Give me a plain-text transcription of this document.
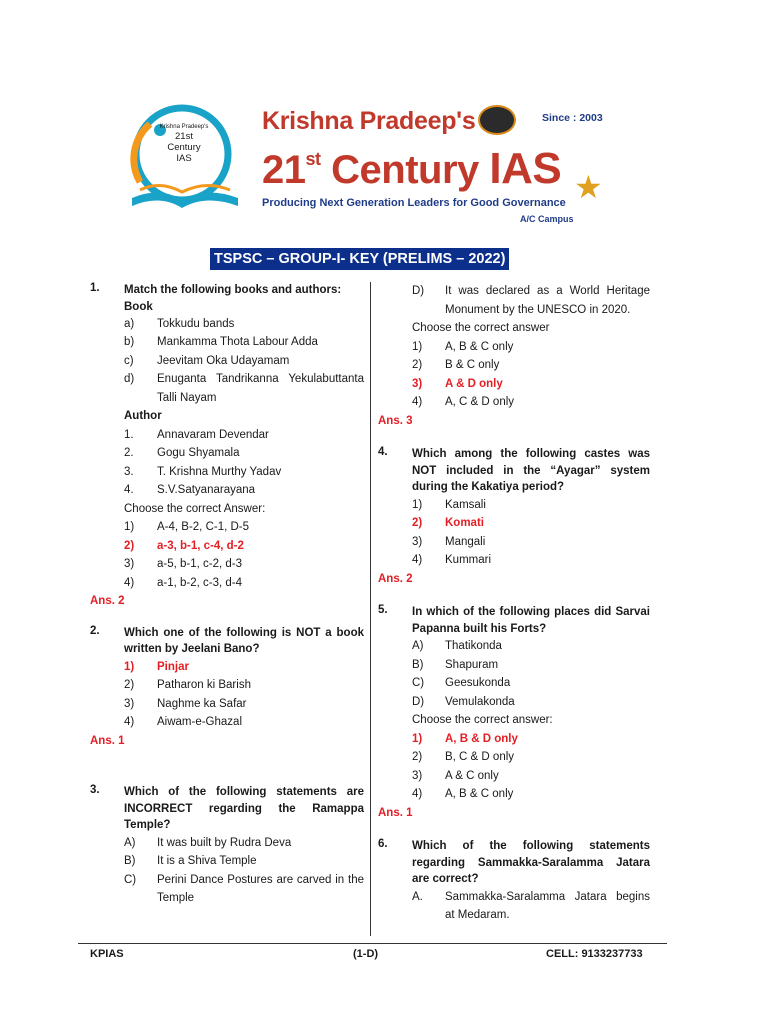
Krishna Pradeep's
21st
Century
IAS
Krishna Pradeep's	Since : 2003
21st Century IAS ★
Producing Next Generation Leaders for Good Governance
A/C Campus
TSPSC – GROUP-I- KEY (PRELIMS – 2022)
1. Match the following books and authors:
Book
a) Tokkudu bands
b) Mankamma Thota Labour Adda
c) Jeevitam Oka Udayamam
d) Enuganta Tandrikanna Yekulabuttanta Talli Nayam
Author
1. Annavaram Devendar
2. Gogu Shyamala
3. T. Krishna Murthy Yadav
4. S.V.Satyanarayana
Choose the correct Answer:
1) A-4, B-2, C-1, D-5
2) a-3, b-1, c-4, d-2
3) a-5, b-1, c-2, d-3
4) a-1, b-2, c-3, d-4
Ans. 2
2. Which one of the following is NOT a book written by Jeelani Bano?
1) Pinjar
2) Patharon ki Barish
3) Naghme ka Safar
4) Aiwam-e-Ghazal
Ans. 1
3. Which of the following statements are INCORRECT regarding the Ramappa Temple?
A) It was built by Rudra Deva
B) It is a Shiva Temple
C) Perini Dance Postures are carved in the Temple
D) It was declared as a World Heritage Monument by the UNESCO in 2020.
Choose the correct answer
1) A, B & C only
2) B & C only
3) A & D only
4) A, C & D only
Ans. 3
4. Which among the following castes was NOT included in the “Ayagar” system during the Kakatiya period?
1) Kamsali
2) Komati
3) Mangali
4) Kummari
Ans. 2
5. In which of the following places did Sarvai Papanna built his Forts?
A) Thatikonda
B) Shapuram
C) Geesukonda
D) Vemulakonda
Choose the correct answer:
1) A, B & D only
2) B, C & D only
3) A & C only
4) A, B & C only
Ans. 1
6. Which of the following statements regarding Sammakka-Saralamma Jatara are correct?
A. Sammakka-Saralamma Jatara begins at Medaram.
KPIAS	(1-D)	CELL: 9133237733
